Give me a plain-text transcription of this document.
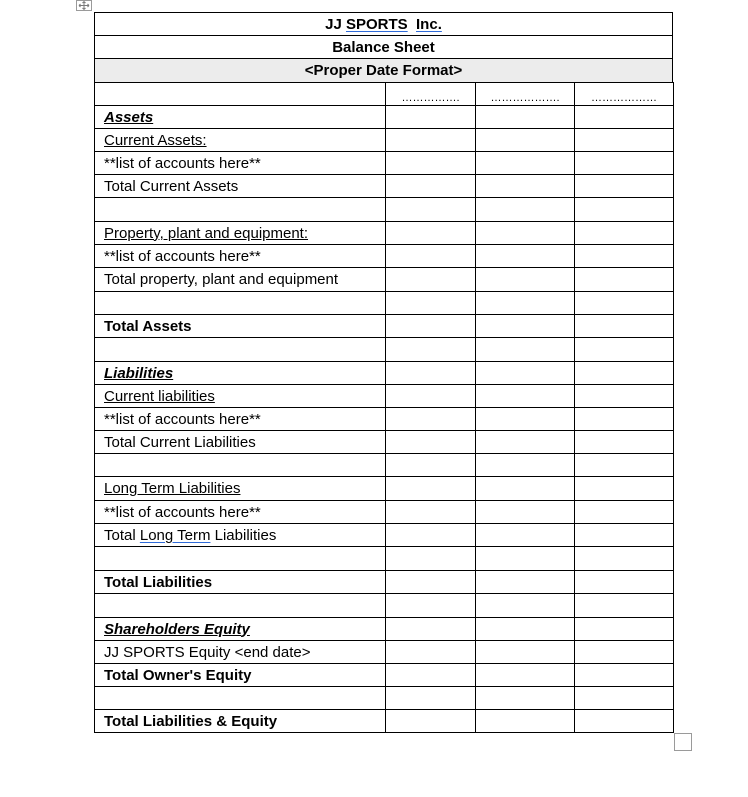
JJ SPORTS Inc.
Balance Sheet
<Proper Date Format>
	…………….	……………….	………………
Assets			
Current Assets:			
**list of accounts here**			
Total Current Assets			

Property, plant and equipment:			
**list of accounts here**			
Total property, plant and equipment			

Total Assets			

Liabilities			
Current liabilities			
**list of accounts here**			
Total Current Liabilities			

Long Term Liabilities			
**list of accounts here**			
Total Long Term Liabilities			

Total Liabilities			

Shareholders Equity			
JJ SPORTS Equity <end date>			
Total Owner's Equity			

Total Liabilities & Equity			
